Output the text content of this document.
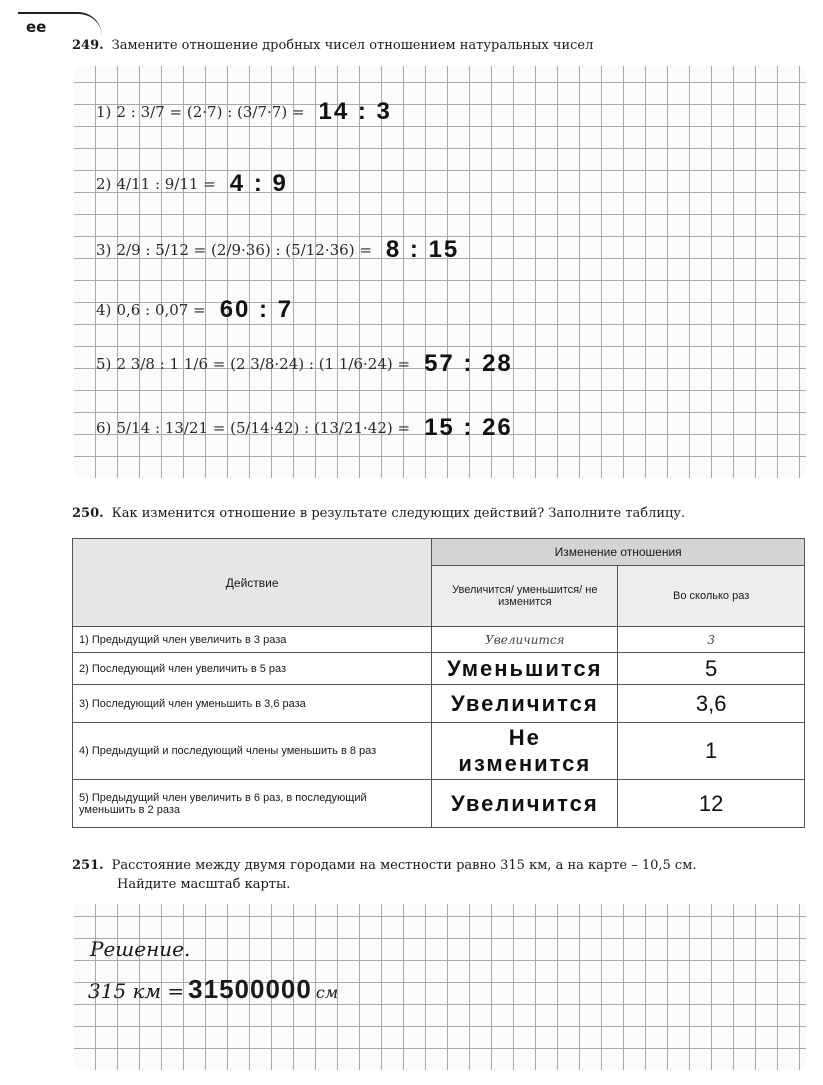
ее
249. Замените отношение дробных чисел отношением натуральных чисел
1)
2 : 3/7 = (2·7) : (3/7·7) = 14 : 3
2)
4/11 : 9/11 = 4 : 9
3)
2/9 : 5/12 = (2/9·36) : (5/12·36) = 8 : 15
4)
0,6 : 0,07 = 60 : 7
5)
2 3/8 : 1 1/6 = (2 3/8·24) : (1 1/6·24) = 57 : 28
6)
5/14 : 13/21 = (5/14·42) : (13/21·42) = 15 : 26
250. Как изменится отношение в результате следующих действий? Заполните таблицу.
Действие	Изменение отношения	
	Увеличится/ уменьшится/ не изменится	Во сколько раз
1) Предыдущий член увеличить в 3 раза	Увеличится	3
2) Последующий член увеличить в 5 раз	Уменьшится	5
3) Последующий член уменьшить в 3,6 раза	Увеличится	3,6
4) Предыдущий и последующий члены уменьшить в 8 раз	Не изменится	1
5) Предыдущий член увеличить в 6 раз, в последующий уменьшить в 2 раза	Увеличится	12
251. Расстояние между двумя городами на местности равно 315 км, а на карте – 10,5 см.
Найдите масштаб карты.
Решение.
315 км = 31500000 см
